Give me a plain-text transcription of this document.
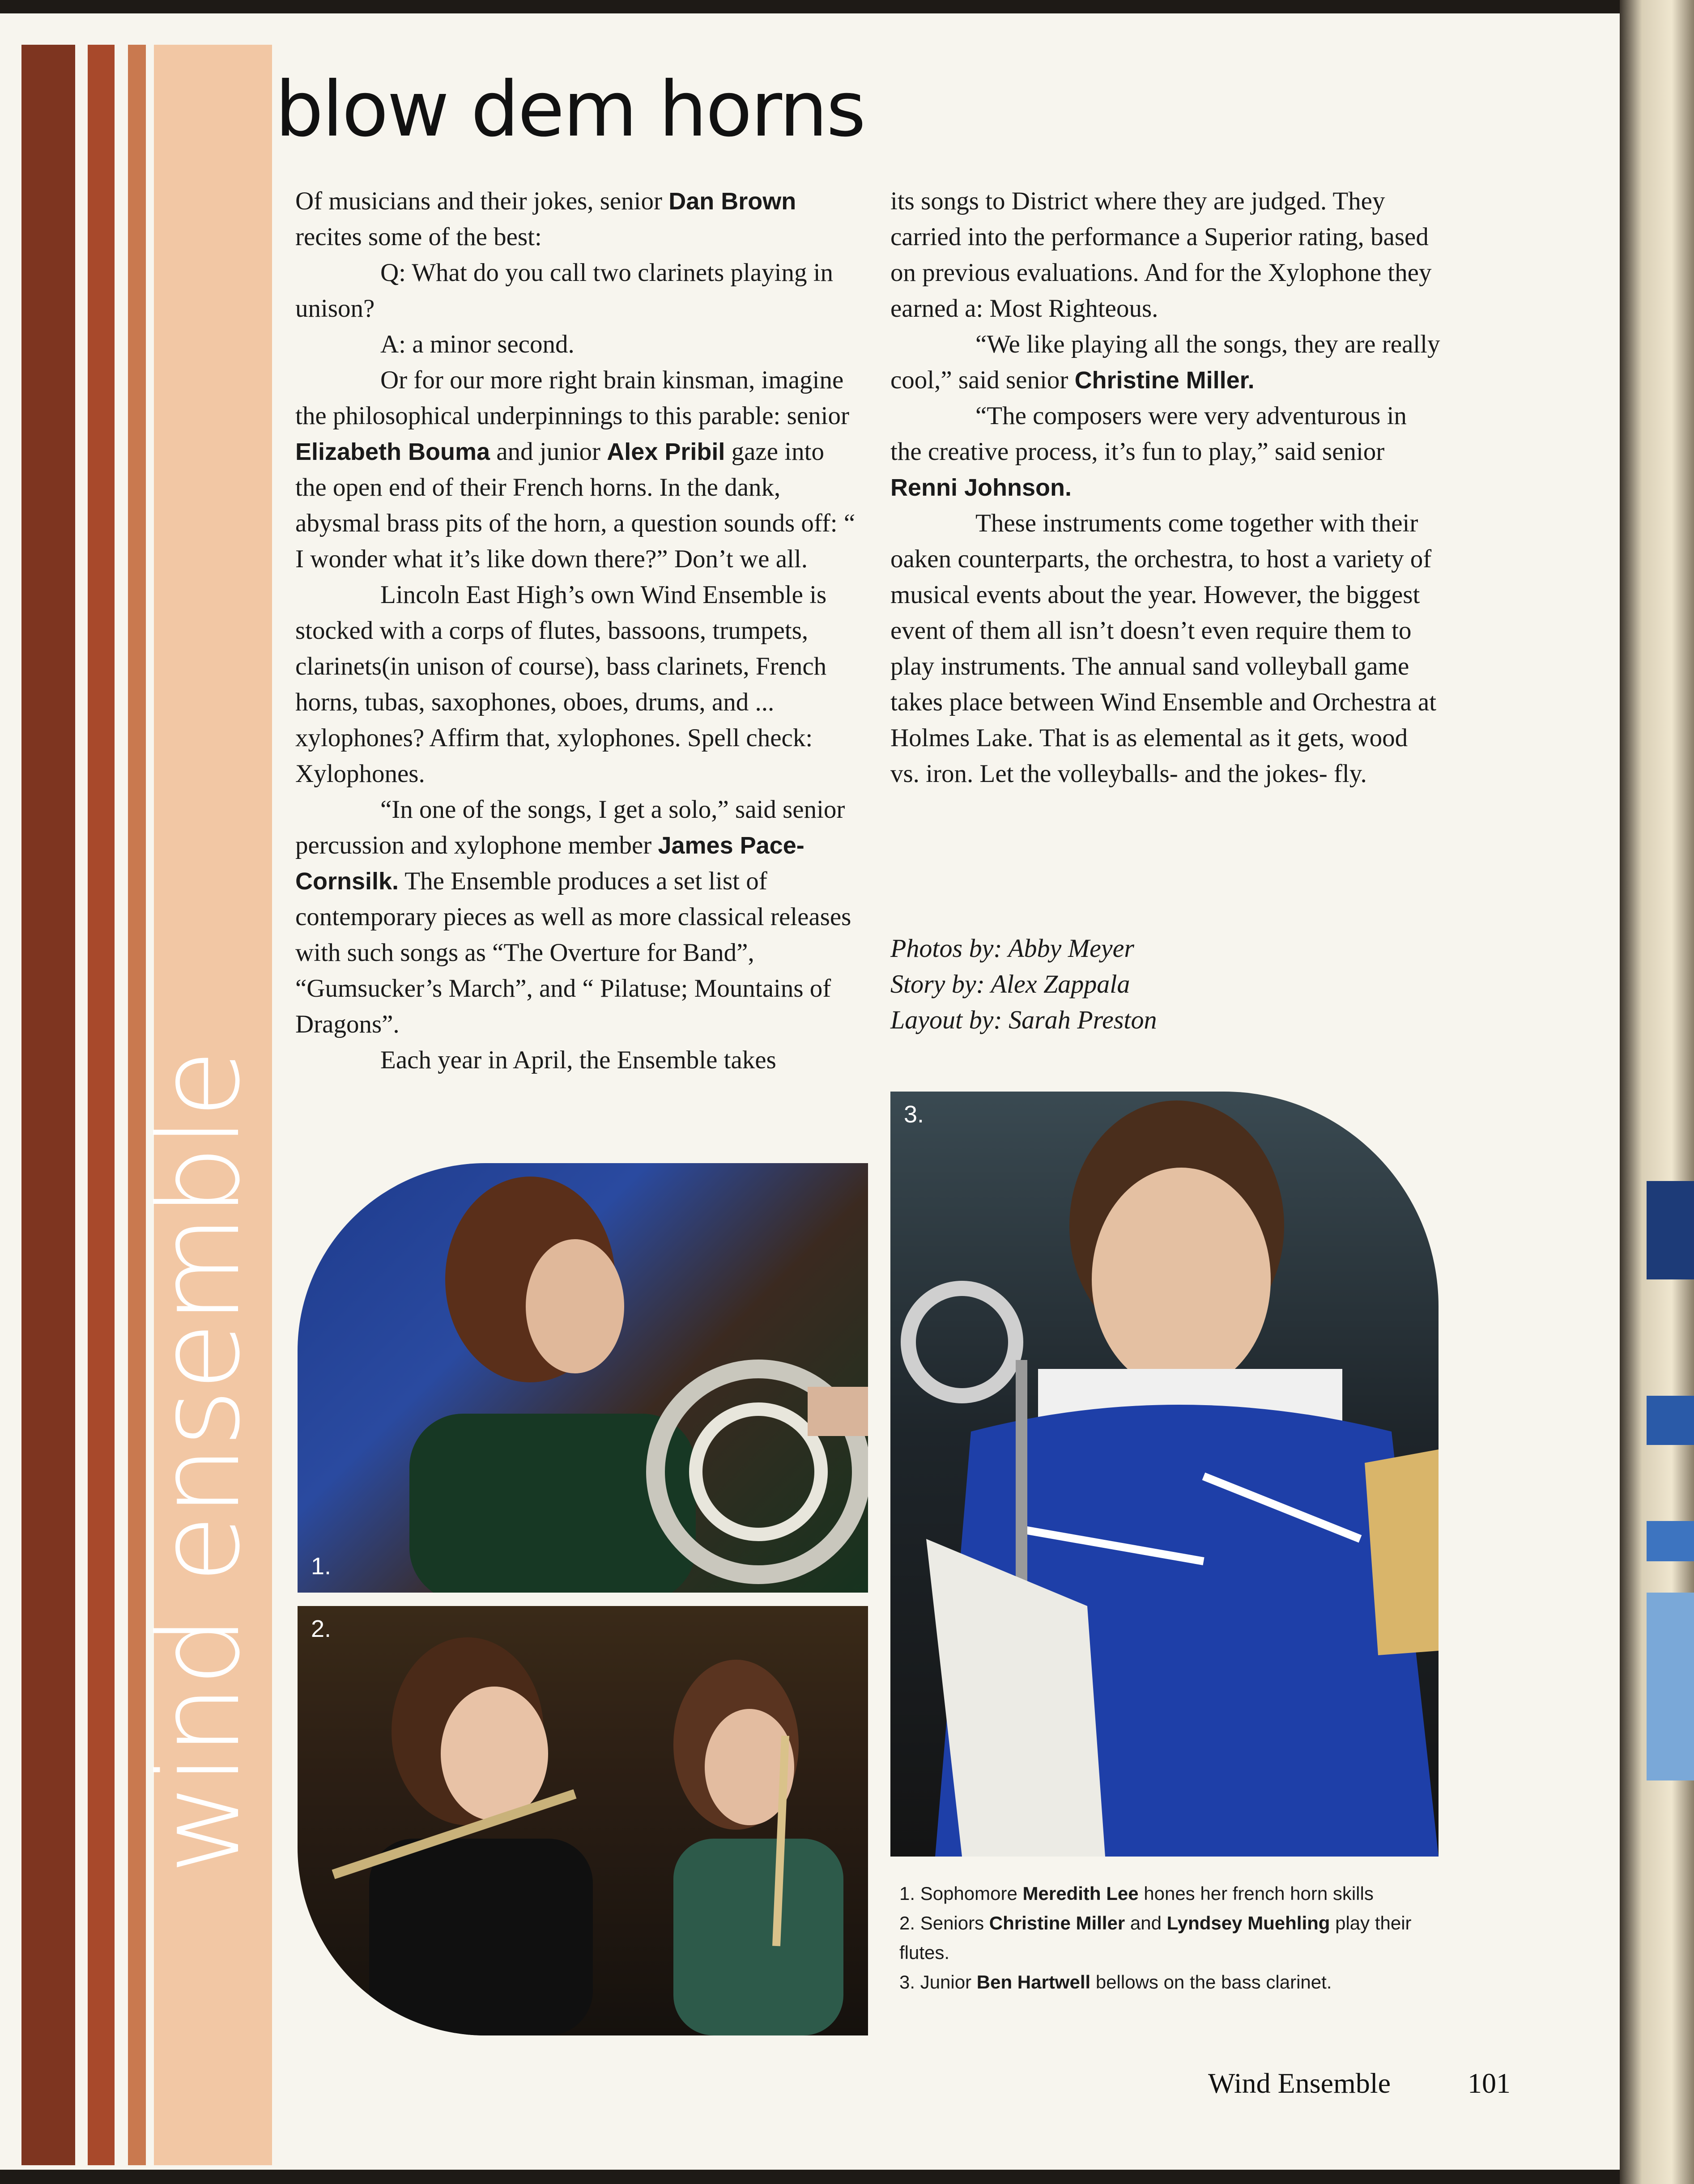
wind ensemble
blow dem horns

Of musicians and their jokes, senior Dan Brown recites some of the best:

Q: What do you call two clarinets playing in unison?

A: a minor second.

Or for our more right brain kinsman, imagine the philosophical underpinnings to this parable: senior Elizabeth Bouma and junior Alex Pribil gaze into the open end of their French horns. In the dank, abysmal brass pits of the horn, a question sounds off: “ I wonder what it’s like down there?” Don’t we all.

Lincoln East High’s own Wind Ensemble is stocked with a corps of flutes, bassoons, trumpets, clarinets(in unison of course), bass clarinets, French horns, tubas, saxophones, oboes, drums, and ... xylophones? Affirm that, xylophones. Spell check: Xylophones.

“In one of the songs, I get a solo,” said senior percussion and xylophone member James Pace- Cornsilk. The Ensemble produces a set list of contemporary pieces as well as more classical releases with such songs as “The Overture for Band”, “Gumsucker’s March”, and “ Pilatuse; Mountains of Dragons”.

Each year in April, the Ensemble takes

its songs to District where they are judged. They carried into the performance a Superior rating, based on previous evaluations. And for the Xylophone they earned a: Most Righteous.

“We like playing all the songs, they are really cool,” said senior Christine Miller.

“The composers were very adventurous in the creative process, it’s fun to play,” said senior Renni Johnson.

These instruments come together with their oaken counterparts, the orchestra, to host a variety of musical events about the year. However, the biggest event of them all isn’t doesn’t even require them to play instruments. The annual sand volleyball game takes place between Wind Ensemble and Orchestra at Holmes Lake. That is as elemental as it gets, wood vs. iron. Let the volleyballs- and the jokes- fly.

Photos by: Abby Meyer
Story by: Alex Zappala
Layout by: Sarah Preston
1.
2.
3.

1. Sophomore Meredith Lee hones her french horn skills

2. Seniors Christine Miller and Lyndsey Muehling play their flutes.

3. Junior Ben Hartwell bellows on the bass clarinet.

Wind Ensemble	101
